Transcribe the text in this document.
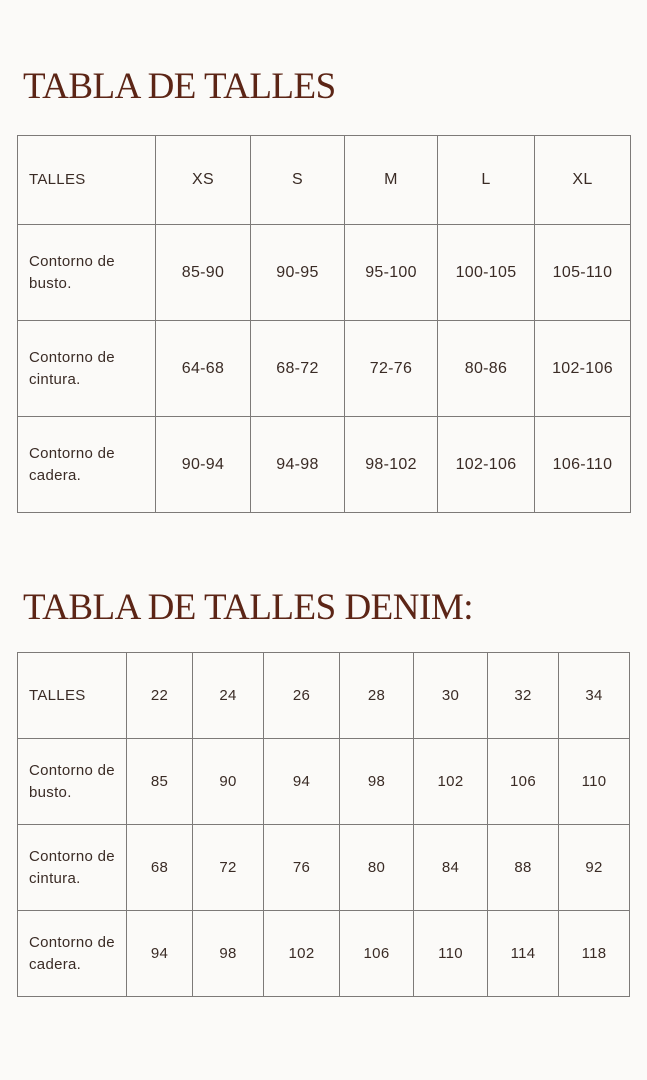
TABLA DE TALLES
TALLES	XS	S	M	L	XL
Contorno de busto.	85-90	90-95	95-100	100-105	105-110
Contorno de cintura.	64-68	68-72	72-76	80-86	102-106
Contorno de cadera.	90-94	94-98	98-102	102-106	106-110
TABLA DE TALLES DENIM:
TALLES	22	24	26	28	30	32	34
Contorno de busto.	85	90	94	98	102	106	110
Contorno de cintura.	68	72	76	80	84	88	92
Contorno de cadera.	94	98	102	106	110	114	118
